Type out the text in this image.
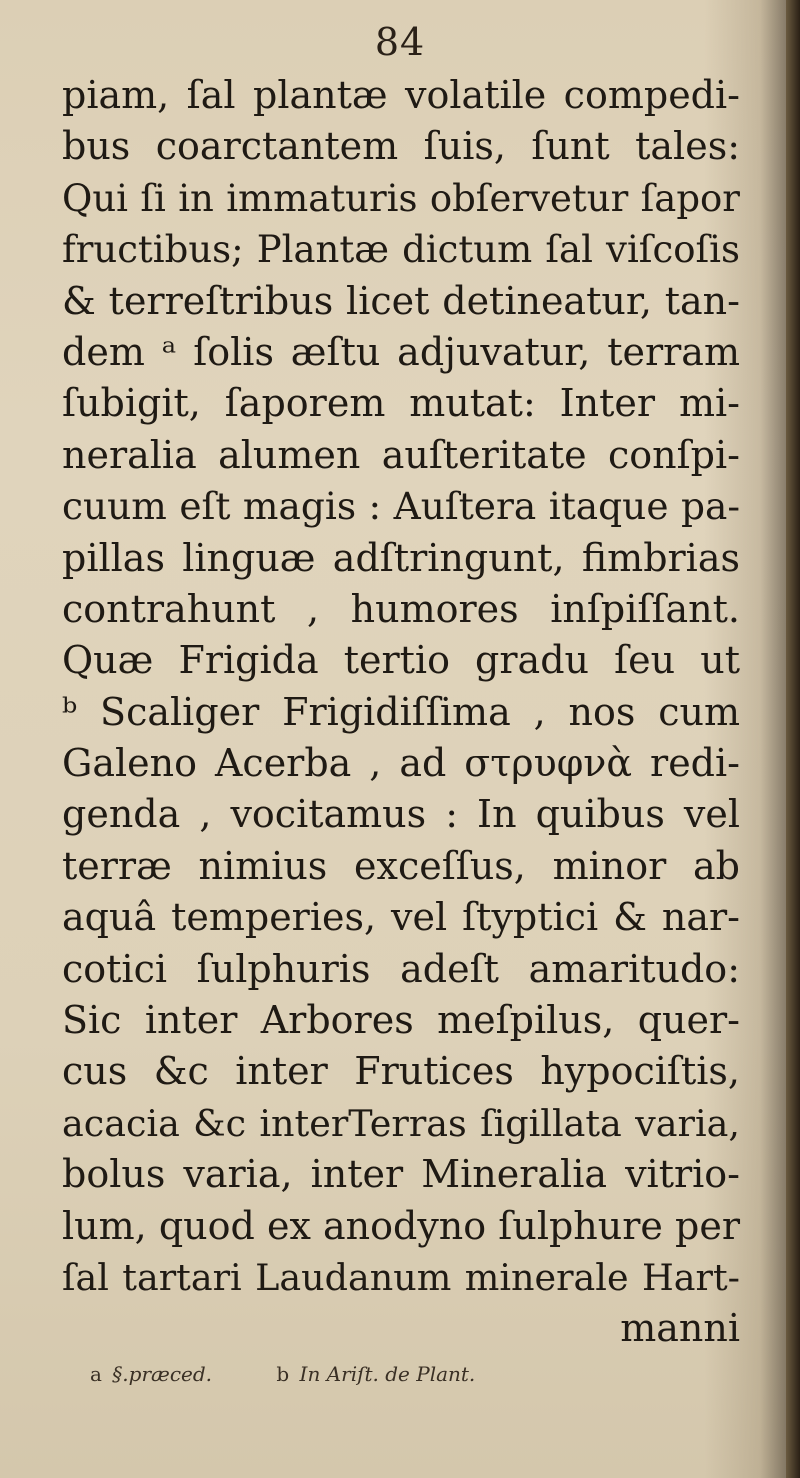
84
piam, ſal plantæ volatile compedi-
bus coarctantem ſuis, ſunt tales:
Qui ſi in immaturis obſervetur ſapor
fructibus; Plantæ dictum ſal viſcoſis
& terreſtribus licet detineatur, tan-
dem ᵃ ſolis æſtu adjuvatur, terram
ſubigit, ſaporem mutat: Inter mi-
neralia alumen auſteritate conſpi-
cuum eſt magis : Auſtera itaque pa-
pillas linguæ adſtringunt, fimbrias
contrahunt , humores inſpiſſant.
Quæ Frigida tertio gradu ſeu ut
ᵇ Scaliger Frigidiſſima , nos cum
Galeno Acerba , ad στρυφνὰ redi-
genda , vocitamus : In quibus vel
terræ nimius exceſſus, minor ab
aquâ temperies, vel ſtyptici & nar-
cotici ſulphuris adeſt amaritudo:
Sic inter Arbores meſpilus, quer-
cus &c inter Frutices hypociſtis,
acacia &c interTerras ſigillata varia,
bolus varia, inter Mineralia vitrio-
lum, quod ex anodyno ſulphure per
ſal tartari Laudanum minerale Hart-
manni
a §.præced.	b In Ariſt. de Plant.
